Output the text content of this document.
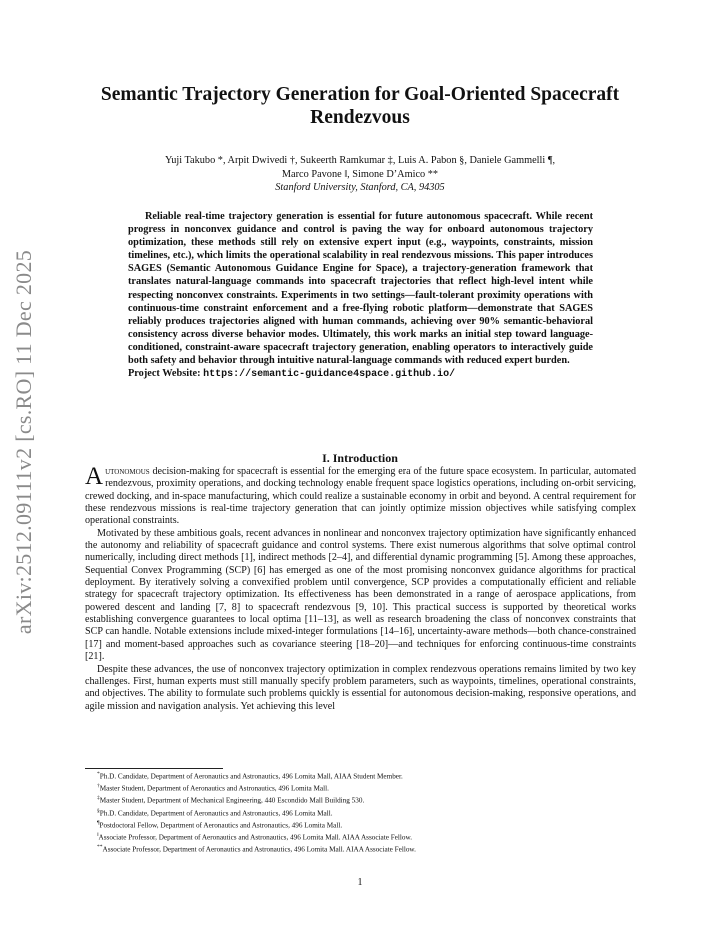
arXiv:2512.09111v2 [cs.RO] 11 Dec 2025
Semantic Trajectory Generation for Goal-Oriented Spacecraft Rendezvous
Yuji Takubo *, Arpit Dwivedi †, Sukeerth Ramkumar ‡, Luis A. Pabon §, Daniele Gammelli ¶,
Marco Pavone ‖, Simone D’Amico **
Stanford University, Stanford, CA, 94305

Reliable real-time trajectory generation is essential for future autonomous spacecraft. While recent progress in nonconvex guidance and control is paving the way for onboard autonomous trajectory optimization, these methods still rely on extensive expert input (e.g., waypoints, constraints, mission timelines, etc.), which limits the operational scalability in real rendezvous missions. This paper introduces SAGES (Semantic Autonomous Guidance Engine for Space), a trajectory-generation framework that translates natural-language commands into spacecraft trajectories that reflect high-level intent while respecting nonconvex constraints. Experiments in two settings—fault-tolerant proximity operations with continuous-time constraint enforcement and a free-flying robotic platform—demonstrate that SAGES reliably produces trajectories aligned with human commands, achieving over 90% semantic-behavioral consistency across diverse behavior modes. Ultimately, this work marks an initial step toward language-conditioned, constraint-aware spacecraft trajectory generation, enabling operators to interactively guide both safety and behavior through intuitive natural-language commands with reduced expert burden.

Project Website: https://semantic-guidance4space.github.io/
I. Introduction

Autonomous decision-making for spacecraft is essential for the emerging era of the future space ecosystem. In particular, automated rendezvous, proximity operations, and docking technology enable frequent space logistics operations, including on-orbit servicing, crewed docking, and in-space manufacturing, which could realize a sustainable economy in orbit and beyond. A central requirement for these rendezvous missions is real-time trajectory generation that can jointly optimize mission objectives while satisfying complex operational constraints.

Motivated by these ambitious goals, recent advances in nonlinear and nonconvex trajectory optimization have significantly enhanced the autonomy and reliability of spacecraft guidance and control systems. There exist numerous algorithms that solve optimal control numerically, including direct methods [1], indirect methods [2–4], and differential dynamic programming [5]. Among these approaches, Sequential Convex Programming (SCP) [6] has emerged as one of the most promising nonconvex guidance algorithms for practical deployment. By iteratively solving a convexified problem until convergence, SCP provides a computationally efficient and reliable strategy for spacecraft trajectory optimization. Its effectiveness has been demonstrated in a range of aerospace applications, from powered descent and landing [7, 8] to spacecraft rendezvous [9, 10]. This practical success is supported by theoretical works establishing convergence guarantees to local optima [11–13], as well as research broadening the class of nonconvex constraints that SCP can handle. Notable extensions include mixed-integer formulations [14–16], uncertainty-aware methods—both chance-constrained [17] and moment-based approaches such as covariance steering [18–20]—and techniques for enforcing continuous-time constraints [21].

Despite these advances, the use of nonconvex trajectory optimization in complex rendezvous operations remains limited by two key challenges. First, human experts must still manually specify problem parameters, such as waypoints, timelines, operational constraints, and objectives. The ability to formulate such problems quickly is essential for autonomous decision-making, responsive operations, and agile mission and navigation analysis. Yet achieving this level

*Ph.D. Candidate, Department of Aeronautics and Astronautics, 496 Lomita Mall, AIAA Student Member.
†Master Student, Department of Aeronautics and Astronautics, 496 Lomita Mall.
‡Master Student, Department of Mechanical Engineering, 440 Escondido Mall Building 530.
§Ph.D. Candidate, Department of Aeronautics and Astronautics, 496 Lomita Mall.
¶Postdoctoral Fellow, Department of Aeronautics and Astronautics, 496 Lomita Mall.
‖Associate Professor, Department of Aeronautics and Astronautics, 496 Lomita Mall. AIAA Associate Fellow.
**Associate Professor, Department of Aeronautics and Astronautics, 496 Lomita Mall. AIAA Associate Fellow.
1
